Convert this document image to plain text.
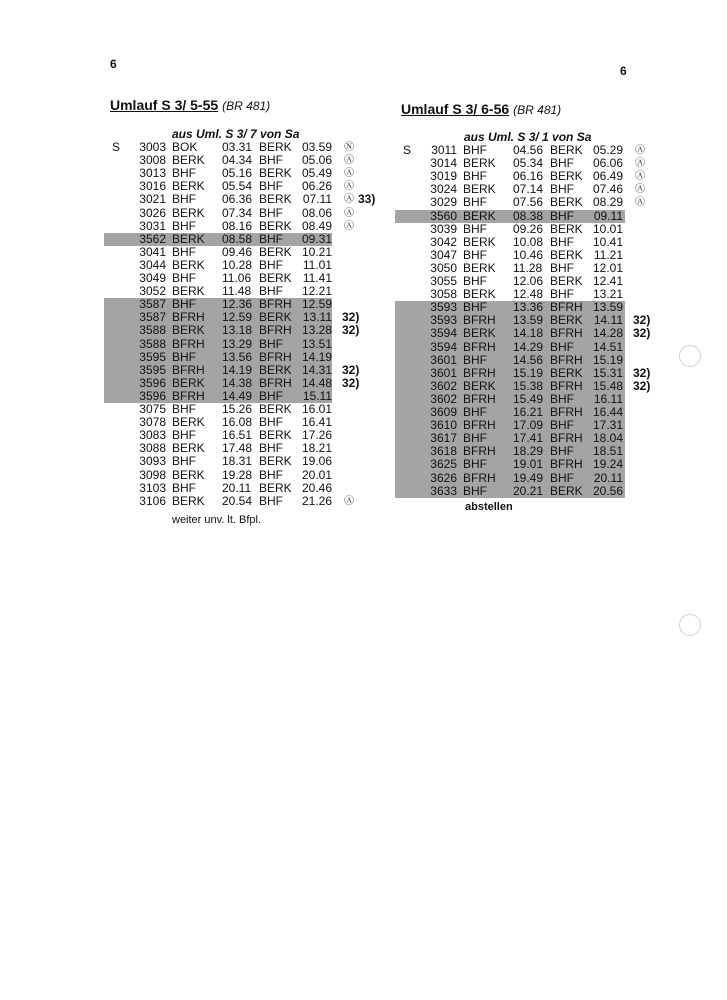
6	6
Umlauf S 3/ 5-55 (BR 481)	Umlauf S 3/ 6-56 (BR 481)
aus Uml. S 3/ 7 von Sa	aus Uml. S 3/ 1 von Sa
S	3003 BOK 03.31 BERK 03.59 Ⓝ
3008 BERK 04.34 BHF 05.06 Ⓐ
3013 BHF 05.16 BERK 05.49 Ⓐ
3016 BERK 05.54 BHF 06.26 Ⓐ
3021 BHF 06.36 BERK 07.11 Ⓐ 33)
3026 BERK 07.34 BHF 08.06 Ⓐ
3031 BHF 08.16 BERK 08.49 Ⓐ
3562 BERK 08.58 BHF 09.31
3041 BHF 09.46 BERK 10.21
3044 BERK 10.28 BHF 11.01
3049 BHF 11.06 BERK 11.41
3052 BERK 11.48 BHF 12.21
3587 BHF 12.36 BFRH 12.59
3587 BFRH 12.59 BERK 13.11 32)
3588 BERK 13.18 BFRH 13.28 32)
3588 BFRH 13.29 BHF 13.51
3595 BHF 13.56 BFRH 14.19
3595 BFRH 14.19 BERK 14.31 32)
3596 BERK 14.38 BFRH 14.48 32)
3596 BFRH 14.49 BHF 15.11
3075 BHF 15.26 BERK 16.01
3078 BERK 16.08 BHF 16.41
3083 BHF 16.51 BERK 17.26
3088 BERK 17.48 BHF 18.21
3093 BHF 18.31 BERK 19.06
3098 BERK 19.28 BHF 20.01
3103 BHF 20.11 BERK 20.46
3106 BERK 20.54 BHF 21.26 Ⓐ
S	3011 BHF 04.56 BERK 05.29 Ⓐ
3014 BERK 05.34 BHF 06.06 Ⓐ
3019 BHF 06.16 BERK 06.49 Ⓐ
3024 BERK 07.14 BHF 07.46 Ⓐ
3029 BHF 07.56 BERK 08.29 Ⓐ
3560 BERK 08.38 BHF 09.11
3039 BHF 09.26 BERK 10.01
3042 BERK 10.08 BHF 10.41
3047 BHF 10.46 BERK 11.21
3050 BERK 11.28 BHF 12.01
3055 BHF 12.06 BERK 12.41
3058 BERK 12.48 BHF 13.21
3593 BHF 13.36 BFRH 13.59
3593 BFRH 13.59 BERK 14.11 32)
3594 BERK 14.18 BFRH 14.28 32)
3594 BFRH 14.29 BHF 14.51
3601 BHF 14.56 BFRH 15.19
3601 BFRH 15.19 BERK 15.31 32)
3602 BERK 15.38 BFRH 15.48 32)
3602 BFRH 15.49 BHF 16.11
3609 BHF 16.21 BFRH 16.44
3610 BFRH 17.09 BHF 17.31
3617 BHF 17.41 BFRH 18.04
3618 BFRH 18.29 BHF 18.51
3625 BHF 19.01 BFRH 19.24
3626 BFRH 19.49 BHF 20.11
3633 BHF 20.21 BERK 20.56
weiter unv. lt. Bfpl.
abstellen
